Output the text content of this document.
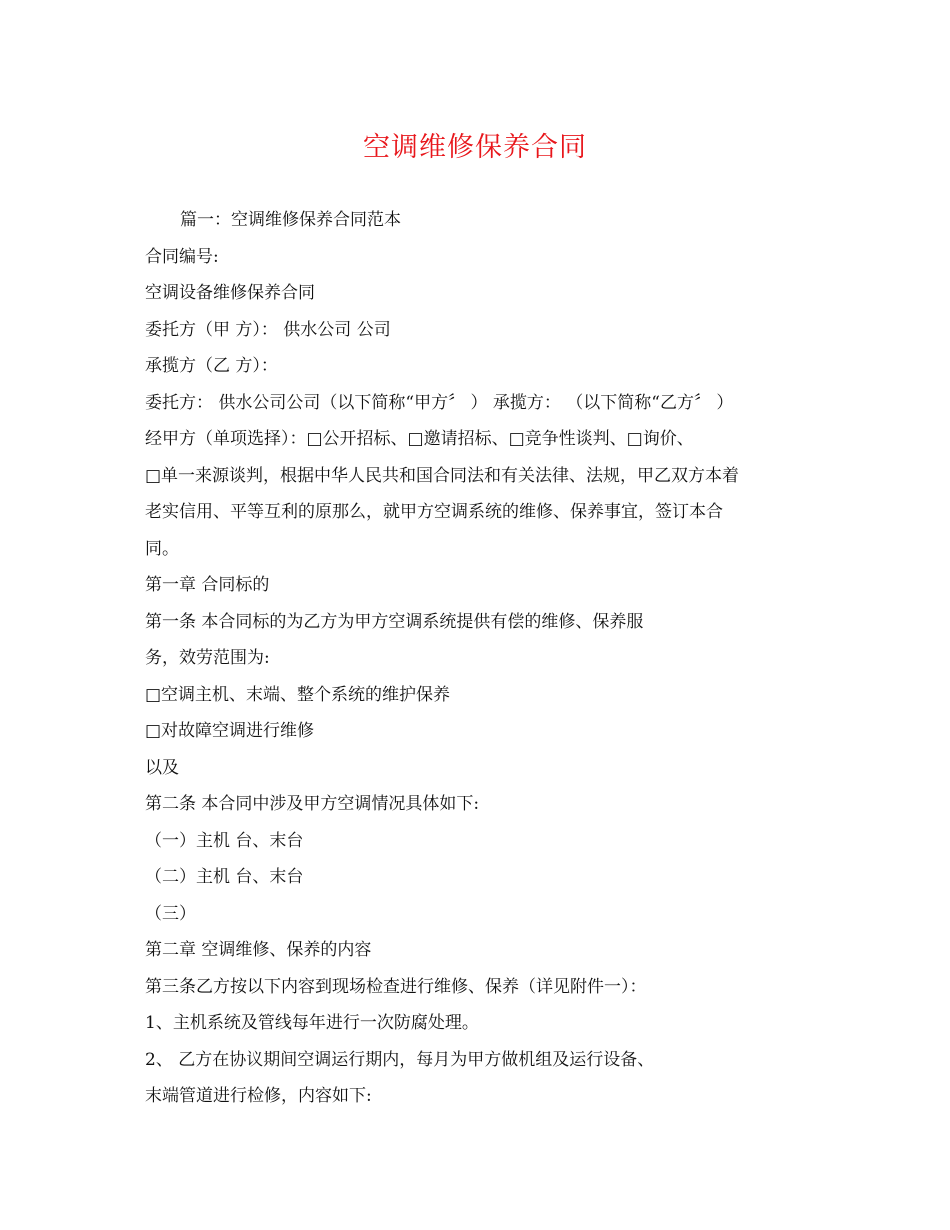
空调维修保养合同
篇一：空调维修保养合同范本
合同编号:
空调设备维修保养合同
委托方（甲 方）： 供水公司 公司
承揽方（乙 方）：
委托方： 供水公司公司（以下简称“甲方〞 ） 承揽方： （以下简称“乙方〞 ）
经甲方（单项选择）：□公开招标、□邀请招标、□竞争性谈判、□询价、
□单一来源谈判，根据中华人民共和国合同法和有关法律、法规，甲乙双方本着
老实信用、平等互利的原那么，就甲方空调系统的维修、保养事宜，签订本合
同。
第一章 合同标的
第一条 本合同标的为乙方为甲方空调系统提供有偿的维修、保养服
务，效劳范围为:
□空调主机、末端、整个系统的维护保养
□对故障空调进行维修
以及
第二条 本合同中涉及甲方空调情况具体如下:
（一）主机 台、末台
（二）主机 台、末台
（三）
第二章 空调维修、保养的内容
第三条乙方按以下内容到现场检查进行维修、保养（详见附件一）：
1、主机系统及管线每年进行一次防腐处理。
2、 乙方在协议期间空调运行期内，每月为甲方做机组及运行设备、
末端管道进行检修，内容如下:
